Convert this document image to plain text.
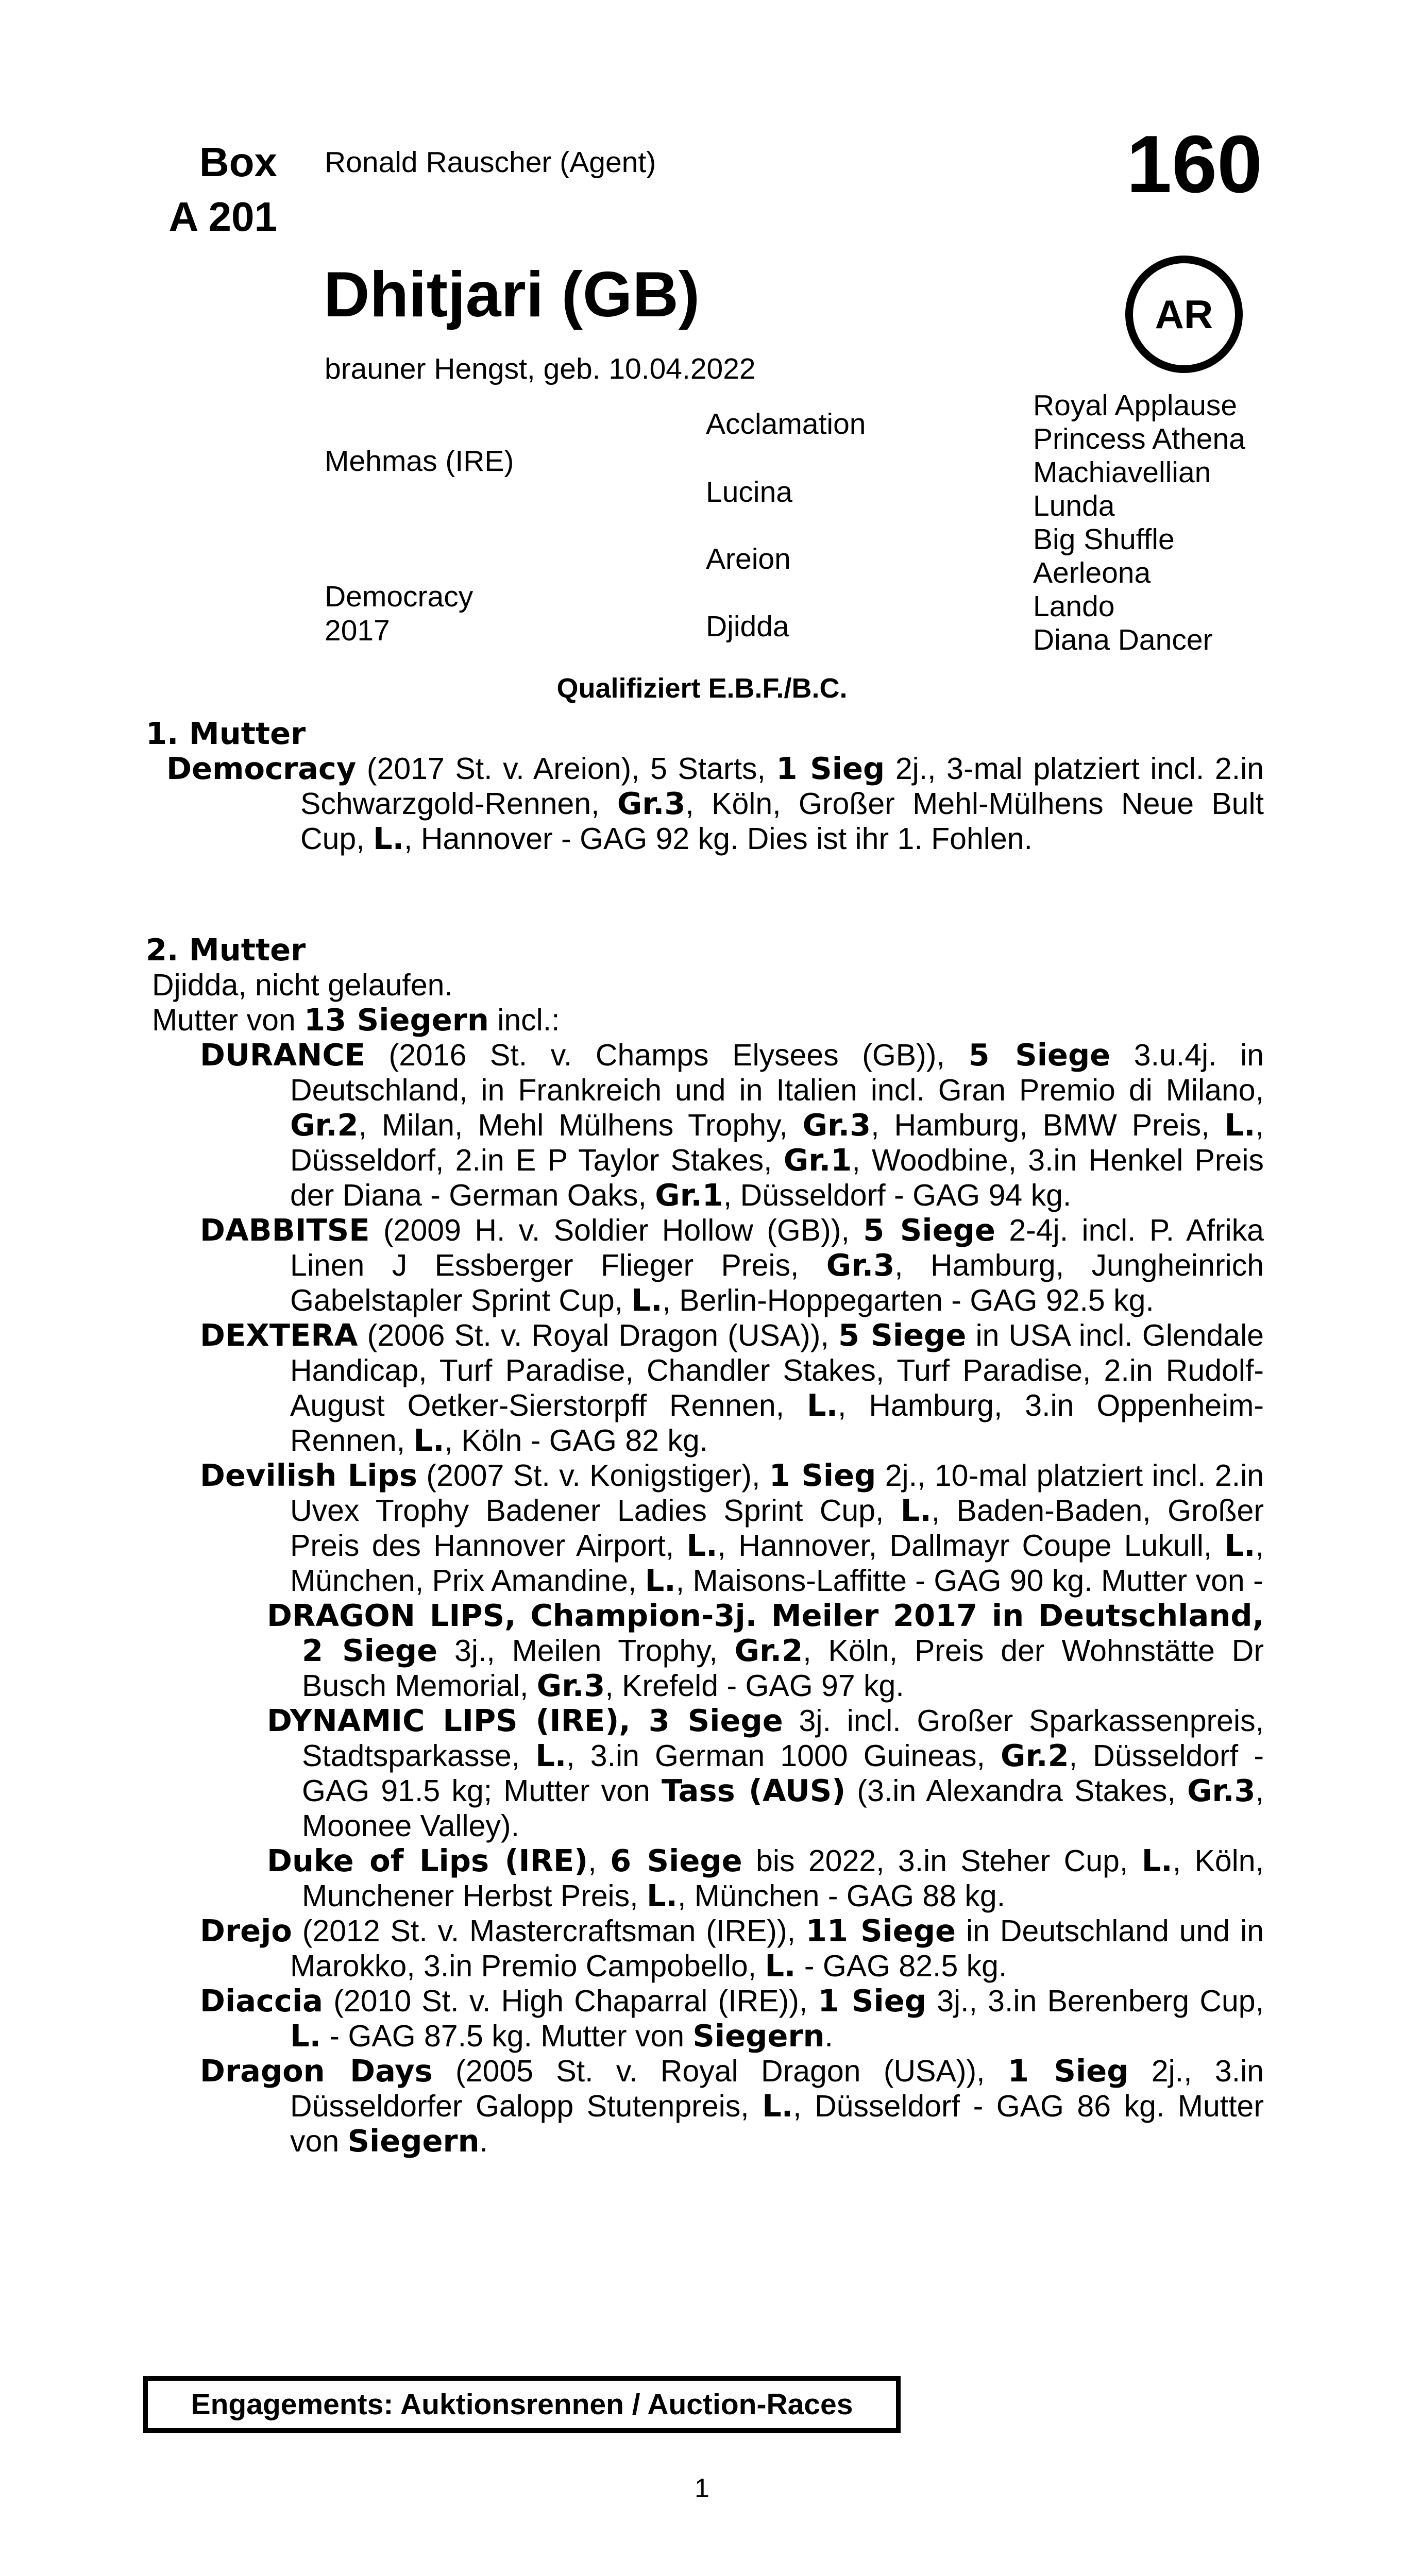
Box
A 201
Ronald Rauscher (Agent)	160
AR
Dhitjari (GB)
brauner Hengst, geb. 10.04.2022
Mehmas (IRE)
Democracy
2017
Acclamation
Lucina
Areion
Djidda
Royal Applause
Princess Athena
Machiavellian
Lunda
Big Shuffle
Aerleona
Lando
Diana Dancer
Qualifiziert E.B.F./B.C.
1. Mutter

Democracy (2017 St. v. Areion), 5 Starts, 1 Sieg 2j., 3-mal platziert incl. 2.in Schwarzgold-Rennen, Gr.3, Köln, Großer Mehl-Mülhens Neue Bult Cup, L., Hannover - GAG 92 kg. Dies ist ihr 1. Fohlen.

2. Mutter
Djidda, nicht gelaufen.
Mutter von 13 Siegern incl.:

DURANCE (2016 St. v. Champs Elysees (GB)), 5 Siege 3.u.4j. in Deutschland, in Frankreich und in Italien incl. Gran Premio di Milano, Gr.2, Milan, Mehl Mülhens Trophy, Gr.3, Hamburg, BMW Preis, L., Düsseldorf, 2.in E P Taylor Stakes, Gr.1, Woodbine, 3.in Henkel Preis der Diana - German Oaks, Gr.1, Düsseldorf - GAG 94 kg.

DABBITSE (2009 H. v. Soldier Hollow (GB)), 5 Siege 2-4j. incl. P. Afrika Linen J Essberger Flieger Preis, Gr.3, Hamburg, Jungheinrich Gabelstapler Sprint Cup, L., Berlin-Hoppegarten - GAG 92.5 kg.

DEXTERA (2006 St. v. Royal Dragon (USA)), 5 Siege in USA incl. Glendale Handicap, Turf Paradise, Chandler Stakes, Turf Paradise, 2.in Rudolf-August Oetker-Sierstorpff Rennen, L., Hamburg, 3.in Oppenheim-Rennen, L., Köln - GAG 82 kg.

Devilish Lips (2007 St. v. Konigstiger), 1 Sieg 2j., 10-mal platziert incl. 2.in Uvex Trophy Badener Ladies Sprint Cup, L., Baden-Baden, Großer Preis des Hannover Airport, L., Hannover, Dallmayr Coupe Lukull, L., München, Prix Amandine, L., Maisons-Laffitte - GAG 90 kg. Mutter von -

DRAGON LIPS, Champion-3j. Meiler 2017 in Deutschland, 2 Siege 3j., Meilen Trophy, Gr.2, Köln, Preis der Wohnstätte Dr Busch Memorial, Gr.3, Krefeld - GAG 97 kg.

DYNAMIC LIPS (IRE), 3 Siege 3j. incl. Großer Sparkassenpreis, Stadtsparkasse, L., 3.in German 1000 Guineas, Gr.2, Düsseldorf - GAG 91.5 kg; Mutter von Tass (AUS) (3.in Alexandra Stakes, Gr.3, Moonee Valley).

Duke of Lips (IRE), 6 Siege bis 2022, 3.in Steher Cup, L., Köln, Munchener Herbst Preis, L., München - GAG 88 kg.

Drejo (2012 St. v. Mastercraftsman (IRE)), 11 Siege in Deutschland und in Marokko, 3.in Premio Campobello, L. - GAG 82.5 kg.

Diaccia (2010 St. v. High Chaparral (IRE)), 1 Sieg 3j., 3.in Berenberg Cup, L. - GAG 87.5 kg. Mutter von Siegern.

Dragon Days (2005 St. v. Royal Dragon (USA)), 1 Sieg 2j., 3.in Düsseldorfer Galopp Stutenpreis, L., Düsseldorf - GAG 86 kg. Mutter von Siegern.

Engagements: Auktionsrennen / Auction-Races
1
